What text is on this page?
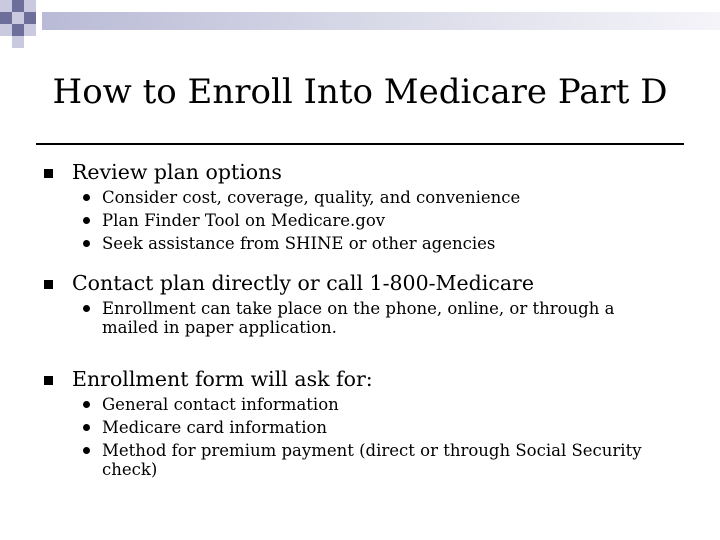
How to Enroll Into Medicare Part D
Review plan options
Consider cost, coverage, quality, and convenience
Plan Finder Tool on Medicare.gov
Seek assistance from SHINE or other agencies
Contact plan directly or call 1-800-Medicare
Enrollment can take place on the phone, online, or through a mailed in paper application.
Enrollment form will ask for:
General contact information
Medicare card information
Method for premium payment (direct or through Social Security check)
